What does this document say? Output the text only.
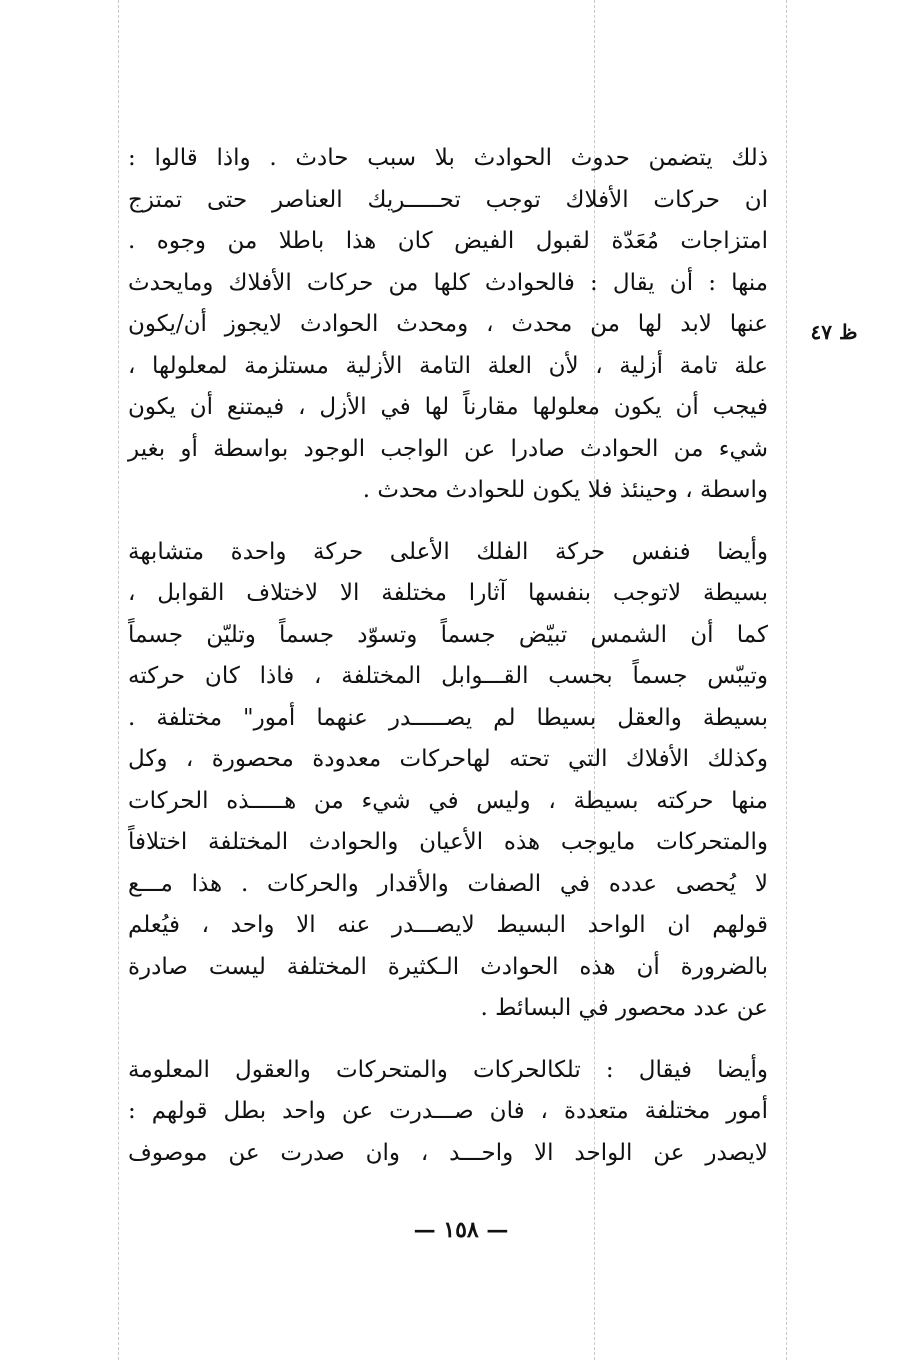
ظ ٤٧
ذلك يتضمن حدوث الحوادث بلا سبب حادث . واذا قالوا :
ان حركات الأفلاك توجب تحـــــريك العناصر حتى تمتزج
امتزاجات مُعَدّة لقبول الفيض كان هذا باطلا من وجوه .
منها : أن يقال : فالحوادث كلها من حركات الأفلاك ومايحدث
عنها لابد لها من محدث ، ومحدث الحوادث لايجوز أن/يكون
علة تامة أزلية ، لأن العلة التامة الأزلية مستلزمة لمعلولها ،
فيجب أن يكون معلولها مقارناً لها في الأزل ، فيمتنع أن يكون
شيء من الحوادث صادرا عن الواجب الوجود بواسطة أو بغير
واسطة ، وحينئذ فلا يكون للحوادث محدث .
وأيضا فنفس حركة الفلك الأعلى حركة واحدة متشابهة
بسيطة لاتوجب بنفسها آثارا مختلفة الا لاختلاف القوابل ،
كما أن الشمس تبيّض جسماً وتسوّد جسماً وتليّن جسماً
وتيبّس جسماً بحسب القـــوابل المختلفة ، فاذا كان حركته
بسيطة والعقل بسيطا لم يصـــــدر عنهما أمور" مختلفة .
وكذلك الأفلاك التي تحته لهاحركات معدودة محصورة ، وكل
منها حركته بسيطة ، وليس في شيء من هـــــذه الحركات
والمتحركات مايوجب هذه الأعيان والحوادث المختلفة اختلافاً
لا يُحصى عدده في الصفات والأقدار والحركات . هذا مـــع
قولهم ان الواحد البسيط لايصـــدر عنه الا واحد ، فيُعلم
بالضرورة أن هذه الحوادث الـكثيرة المختلفة ليست صادرة
عن عدد محصور في البسائط .
وأيضا فيقال : تلكالحركات والمتحركات والعقول المعلومة
أمور مختلفة متعددة ، فان صـــدرت عن واحد بطل قولهم :
لايصدر عن الواحد الا واحـــد ، وان صدرت عن موصوف
— ١٥٨ —
